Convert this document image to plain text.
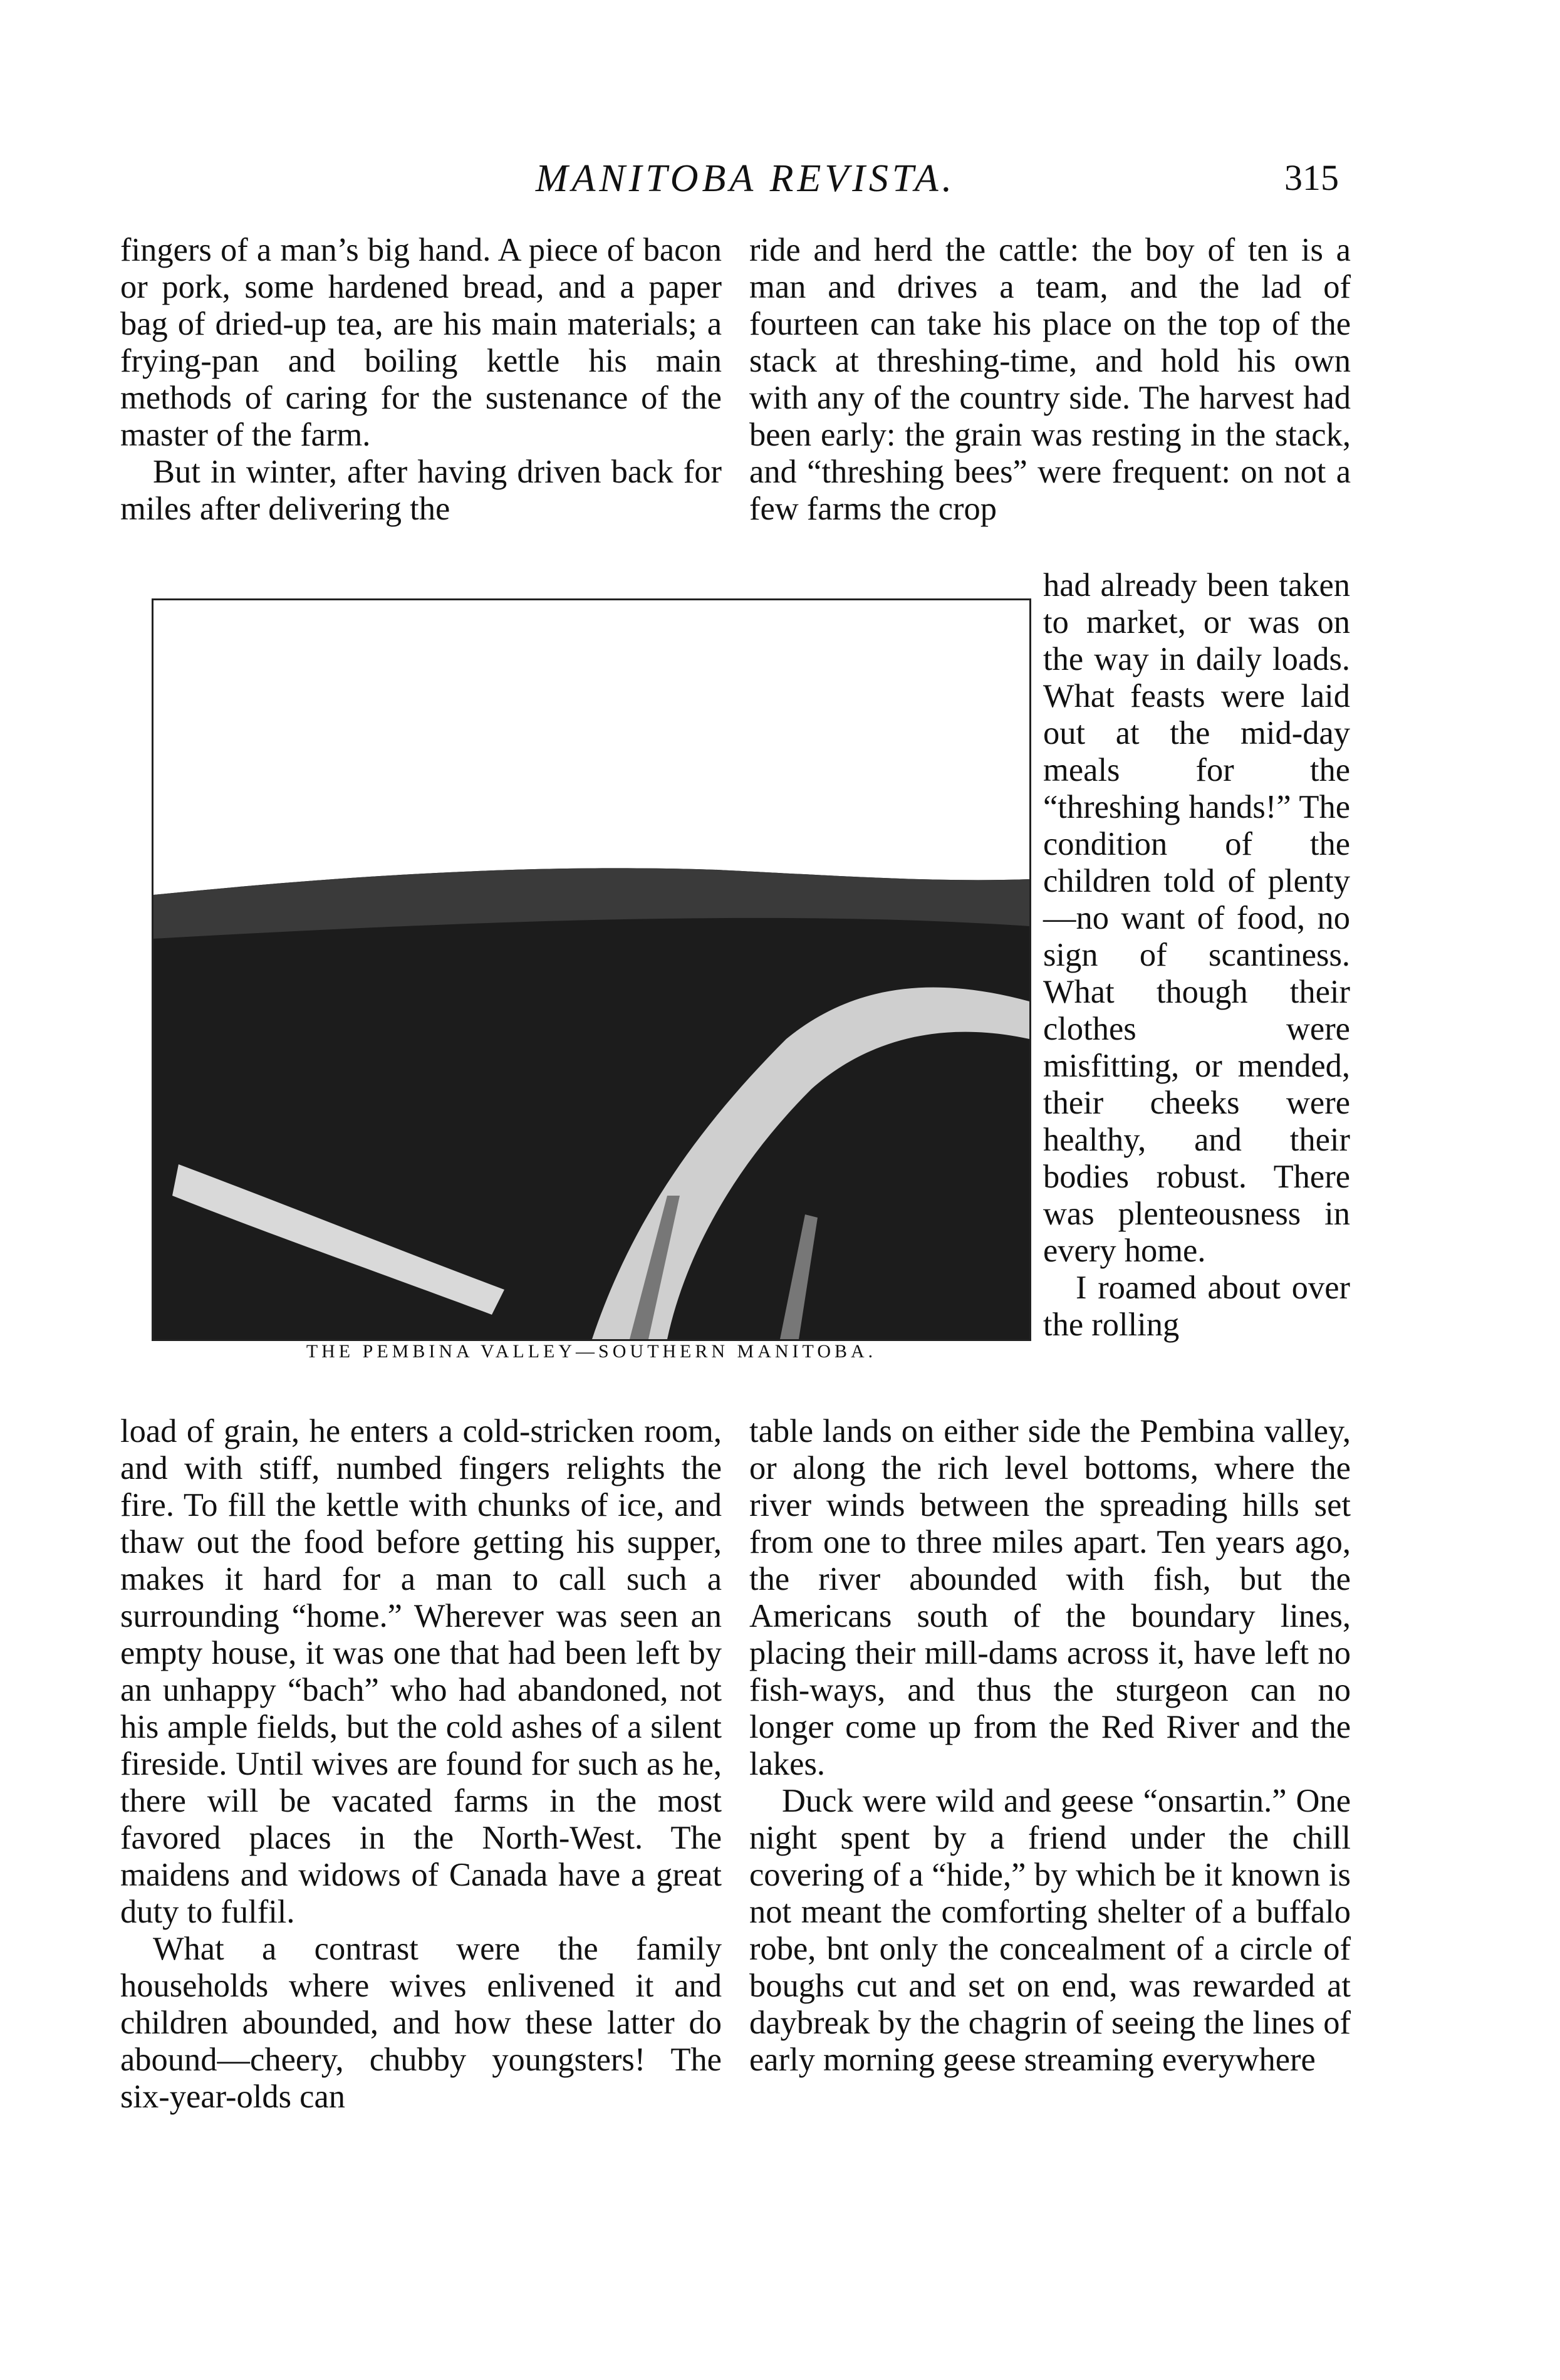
MANITOBA REVISTA.	315

fingers of a man’s big hand. A piece of bacon or pork, some hardened bread, and a paper bag of dried-up tea, are his main materials; a frying-pan and boiling kettle his main methods of caring for the sustenance of the master of the farm.

But in winter, after having driven back for miles after delivering the

ride and herd the cattle: the boy of ten is a man and drives a team, and the lad of fourteen can take his place on the top of the stack at threshing-time, and hold his own with any of the country side. The harvest had been early: the grain was resting in the stack, and “threshing bees” were frequent: on not a few farms the crop

THE PEMBINA VALLEY—SOUTHERN MANITOBA.

had already been taken to market, or was on the way in daily loads. What feasts were laid out at the mid-day meals for the “threshing hands!” The condition of the children told of plenty—no want of food, no sign of scantiness. What though their clothes were misfitting, or mended, their cheeks were healthy, and their bodies robust. There was plenteousness in every home.

I roamed about over the rolling

load of grain, he enters a cold-stricken room, and with stiff, numbed fingers relights the fire. To fill the kettle with chunks of ice, and thaw out the food before getting his supper, makes it hard for a man to call such a surrounding “home.” Wherever was seen an empty house, it was one that had been left by an unhappy “bach” who had abandoned, not his ample fields, but the cold ashes of a silent fireside. Until wives are found for such as he, there will be vacated farms in the most favored places in the North-West. The maidens and widows of Canada have a great duty to fulfil.

What a contrast were the family households where wives enlivened it and children abounded, and how these latter do abound—cheery, chubby youngsters! The six-year-olds can

table lands on either side the Pembina valley, or along the rich level bottoms, where the river winds between the spreading hills set from one to three miles apart. Ten years ago, the river abounded with fish, but the Americans south of the boundary lines, placing their mill-dams across it, have left no fish-ways, and thus the sturgeon can no longer come up from the Red River and the lakes.

Duck were wild and geese “onsartin.” One night spent by a friend under the chill covering of a “hide,” by which be it known is not meant the comforting shelter of a buffalo robe, bnt only the concealment of a circle of boughs cut and set on end, was rewarded at daybreak by the chagrin of seeing the lines of early morning geese streaming everywhere
